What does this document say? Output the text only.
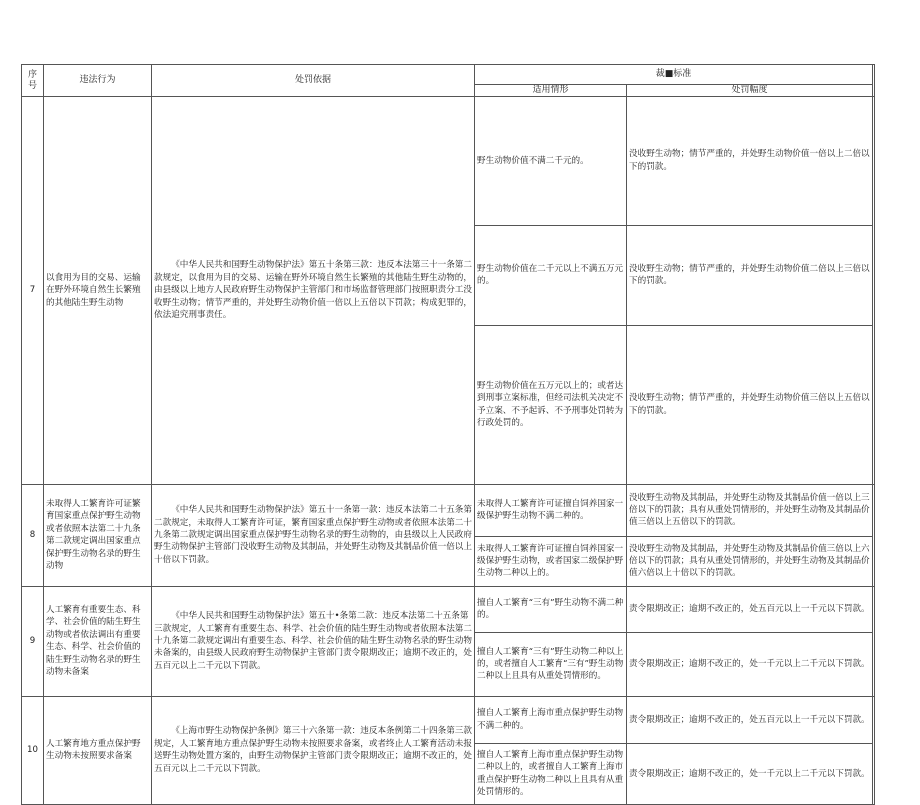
序号	违法行为	处罚依据	裁■标准	
			适用情形	处罚幅度	
7	以食用为目的交易、运输在野外环境自然生长繁殖的其他陆生野生动物	《中华人民共和国野生动物保护法》第五十条第三款：违反本法第三十一条第二款规定，以食用为目的交易、运输在野外环境自然生长繁殖的其他陆生野生动物的，由县级以上地方人民政府野生动物保护主管部门和市场监督管理部门按照职责分工没收野生动物；情节严重的，并处野生动物价值一倍以上五倍以下罚款；构成犯罪的，依法追究刑事责任。	野生动物价值不满二千元的。	没收野生动物；情节严重的，并处野生动物价值一倍以上二倍以下的罚款。	
			野生动物价值在二千元以上不满五万元的。	没收野生动物；情节严重的，并处野生动物价值二倍以上三倍以下的罚款。	
			野生动物价值在五万元以上的；或者达到刑事立案标准，但经司法机关决定不予立案、不予起诉、不予刑事处罚转为行政处罚的。	没收野生动物；情节严重的，并处野生动物价值三倍以上五倍以下的罚款。	
8	未取得人工繁育许可证繁育国家重点保护野生动物或者依照本法第二十九条第二款规定调出国家重点保护野生动物名录的野生动物	《中华人民共和国野生动物保护法》第五十一条第一款：违反本法第二十五条第二款规定，未取得人工繁育许可证，繁育国家重点保护野生动物或者依照本法第二十九条第二款规定调出国家重点保护野生动物名录的野生动物的，由县级以上人民政府野生动物保护主管部门没收野生动物及其制品，并处野生动物及其制品价值一倍以上十倍以下罚款。	未取得人工繁育许可证擅自饲养国家一级保护野生动物不满二种的。	没收野生动物及其制品，并处野生动物及其制品价值一倍以上三倍以下的罚款；具有从重处罚情形的，并处野生动物及其制品价值三倍以上五倍以下的罚款。	
			未取得人工繁育许可证擅自饲养国家一级保护野生动物，或者国家二级保护野生动物二种以上的。	没收野生动物及其制品，并处野生动物及其制品价值三倍以上六倍以下的罚款；具有从重处罚情形的，并处野生动物及其制品价值六倍以上十倍以下的罚款。	
9	人工繁育有重要生态、科学、社会价值的陆生野生动物或者依法调出有重要生态、科学、社会价值的陆生野生动物名录的野生动物未备案	《中华人民共和国野生动物保护法》第五十•条第二款：违反本法第二十五条第三款规定，人工繁育有重要生态、科学、社会价值的陆生野生动物或者依照本法第二十九条第二款规定调出有重要生态、科学、社会价值的陆生野生动物名录的野生动物未备案的，由县级人民政府野生动物保护主管部门责令限期改正；逾期不改正的，处五百元以上二千元以下罚款。	擅自人工繁育“三有”野生动物不满二种的。	责令限期改正；逾期不改正的，处五百元以上一千元以下罚款。	
			擅自人工繁育“三有”野生动物二种以上的，或者擅自人工繁育“三有”野生动物二种以上且具有从重处罚情形的。	责令限期改正；逾期不改正的，处一千元以上二千元以下罚款。	
10	人工繁育地方重点保护野生动物未按照要求备案	《上海市野生动物保护条例》第三十六条第一款：违反本条例第二十四条第三款规定，人工繁育地方重点保护野生动物未按照要求备案，或者终止人工繁育活动未报送野生动物处置方案的，由野生动物保护主管部门责令限期改正；逾期不改正的，处五百元以上二千元以下罚款。	擅自人工繁育上海市重点保护野生动物不满二种的。	责令限期改正；逾期不改正的，处五百元以上一千元以下罚款。	
			擅自人工繁育上海市重点保护野生动物二种以上的，或者擅自人工繁育上海市重点保护野生动物二种以上且具有从重处罚情形的。	责令限期改正；逾期不改正的，处一千元以上二千元以下罚款。	
